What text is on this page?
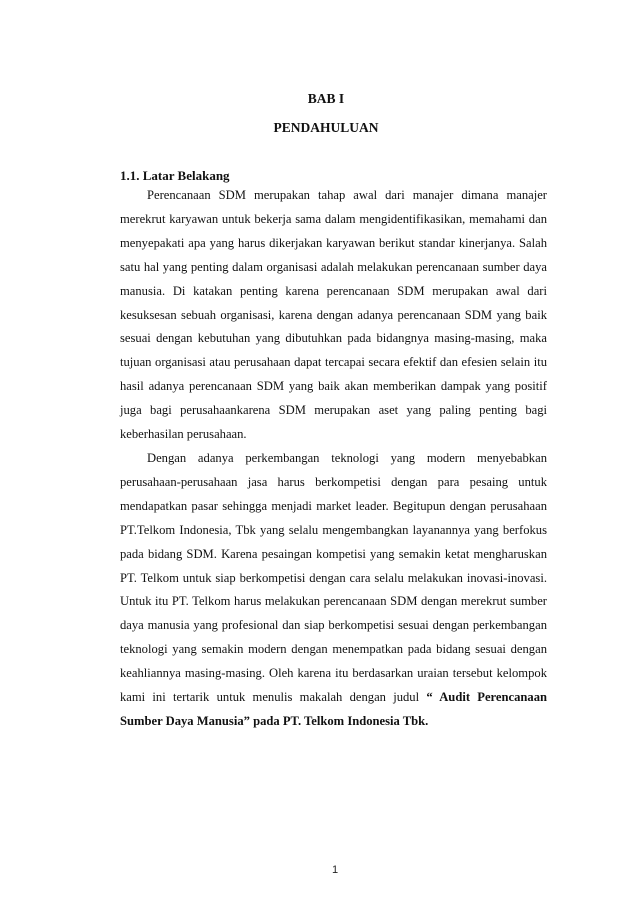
BAB I
PENDAHULUAN
1.1. Latar Belakang

Perencanaan SDM merupakan tahap awal dari manajer dimana manajer merekrut karyawan untuk bekerja sama dalam mengidentifikasikan, memahami dan menyepakati apa yang harus dikerjakan karyawan berikut standar kinerjanya. Salah satu hal yang penting dalam organisasi adalah melakukan perencanaan sumber daya manusia. Di katakan penting karena perencanaan SDM merupakan awal dari kesuksesan sebuah organisasi, karena dengan adanya perencanaan SDM yang baik sesuai dengan kebutuhan yang dibutuhkan pada bidangnya masing-masing, maka tujuan organisasi atau perusahaan dapat tercapai secara efektif dan efesien selain itu hasil adanya perencanaan SDM yang baik akan memberikan dampak yang positif juga bagi perusahaankarena SDM merupakan aset yang paling penting bagi keberhasilan perusahaan.

Dengan adanya perkembangan teknologi yang modern menyebabkan perusahaan-perusahaan jasa harus berkompetisi dengan para pesaing untuk mendapatkan pasar sehingga menjadi market leader. Begitupun dengan perusahaan PT.Telkom Indonesia, Tbk yang selalu mengembangkan layanannya yang berfokus pada bidang SDM. Karena pesaingan kompetisi yang semakin ketat mengharuskan PT. Telkom untuk siap berkompetisi dengan cara selalu melakukan inovasi-inovasi. Untuk itu PT. Telkom harus melakukan perencanaan SDM dengan merekrut sumber daya manusia yang profesional dan siap berkompetisi sesuai dengan perkembangan teknologi yang semakin modern dengan menempatkan pada bidang sesuai dengan keahliannya masing-masing. Oleh karena itu berdasarkan uraian tersebut kelompok kami ini tertarik untuk menulis makalah dengan judul “ Audit Perencanaan Sumber Daya Manusia” pada PT. Telkom Indonesia Tbk.

1
